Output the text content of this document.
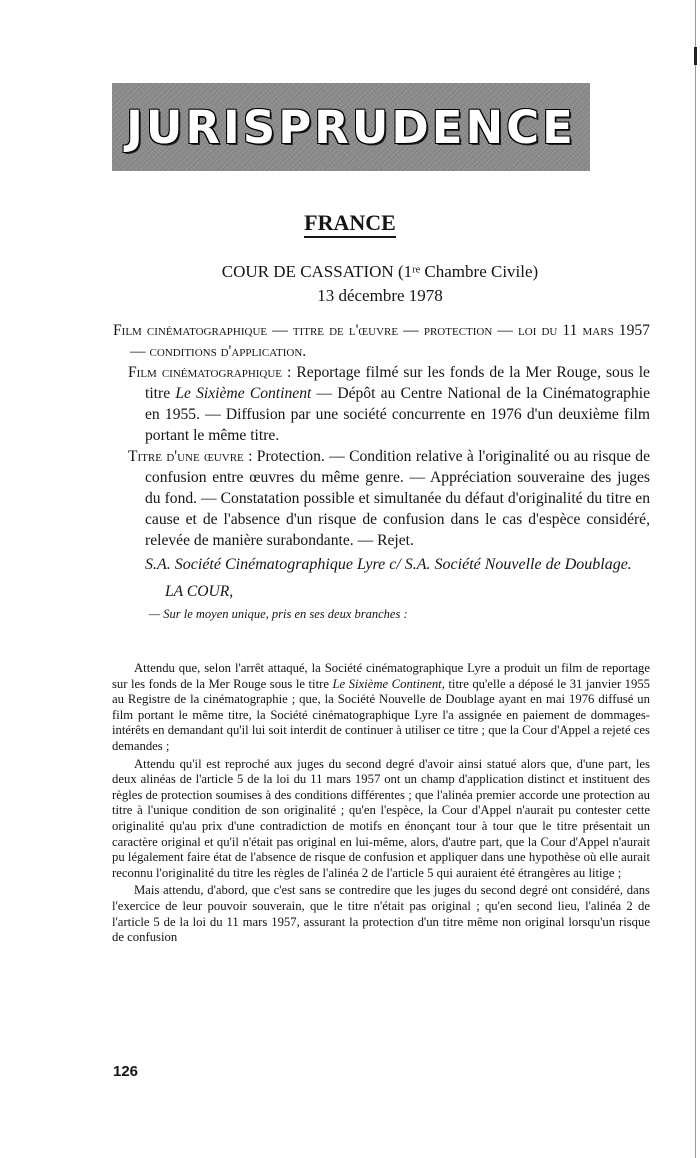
JURISPRUDENCE
FRANCE
COUR DE CASSATION (1ʳᵉ Chambre Civile)
13 décembre 1978

Film cinématographique — titre de l'œuvre — protection — loi du 11 mars 1957 — conditions d'application.

Film cinématographique : Reportage filmé sur les fonds de la Mer Rouge, sous le titre Le Sixième Continent — Dépôt au Centre National de la Cinématographie en 1955. — Diffusion par une société concurrente en 1976 d'un deuxième film portant le même titre.

Titre d'une œuvre : Protection. — Condition relative à l'originalité ou au risque de confusion entre œuvres du même genre. — Appréciation souveraine des juges du fond. — Constatation possible et simultanée du défaut d'originalité du titre en cause et de l'absence d'un risque de confusion dans le cas d'espèce considéré, relevée de manière surabondante. — Rejet.

S.A. Société Cinématographique Lyre c/ S.A. Société Nouvelle de Doublage.

LA COUR,

— Sur le moyen unique, pris en ses deux branches :

Attendu que, selon l'arrêt attaqué, la Société cinématographique Lyre a produit un film de reportage sur les fonds de la Mer Rouge sous le titre Le Sixième Continent, titre qu'elle a déposé le 31 janvier 1955 au Registre de la cinématographie ; que, la Société Nouvelle de Doublage ayant en mai 1976 diffusé un film portant le même titre, la Société cinématographique Lyre l'a assignée en paiement de dommages-intérêts en demandant qu'il lui soit interdit de continuer à utiliser ce titre ; que la Cour d'Appel a rejeté ces demandes ;

Attendu qu'il est reproché aux juges du second degré d'avoir ainsi statué alors que, d'une part, les deux alinéas de l'article 5 de la loi du 11 mars 1957 ont un champ d'application distinct et instituent des règles de protection soumises à des conditions différentes ; que l'alinéa premier accorde une protection au titre à l'unique condition de son originalité ; qu'en l'espèce, la Cour d'Appel n'aurait pu contester cette originalité qu'au prix d'une contradiction de motifs en énonçant tour à tour que le titre présentait un caractère original et qu'il n'était pas original en lui-même, alors, d'autre part, que la Cour d'Appel n'aurait pu légalement faire état de l'absence de risque de confusion et appliquer dans une hypothèse où elle aurait reconnu l'originalité du titre les règles de l'alinéa 2 de l'article 5 qui auraient été étrangères au litige ;

Mais attendu, d'abord, que c'est sans se contredire que les juges du second degré ont considéré, dans l'exercice de leur pouvoir souverain, que le titre n'était pas original ; qu'en second lieu, l'alinéa 2 de l'article 5 de la loi du 11 mars 1957, assurant la protection d'un titre même non original lorsqu'un risque de confusion

126
